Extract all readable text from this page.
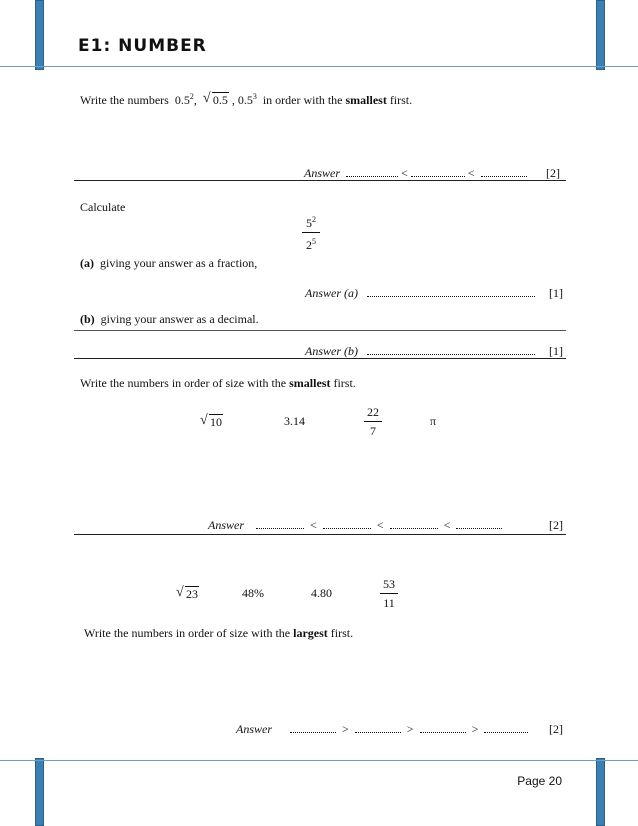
E1: NUMBER
Write the numbers $0.5^2$, √ 0.5 , $0.5^3$ in order with the smallest first.
Answer	<	<	[2]
Calculate
$5^2$
$2^5$
(a) giving your answer as a fraction,
Answer (a)	[1]
(b) giving your answer as a decimal.
Answer (b)	[1]
Write the numbers in order of size with the smallest first.
√ 10	3.14
22
7
π
Answer	<	<	<	[2]
√ 23	48%	4.80
53
11
Write the numbers in order of size with the largest first.
Answer	>	>	>	[2]
Page 20
